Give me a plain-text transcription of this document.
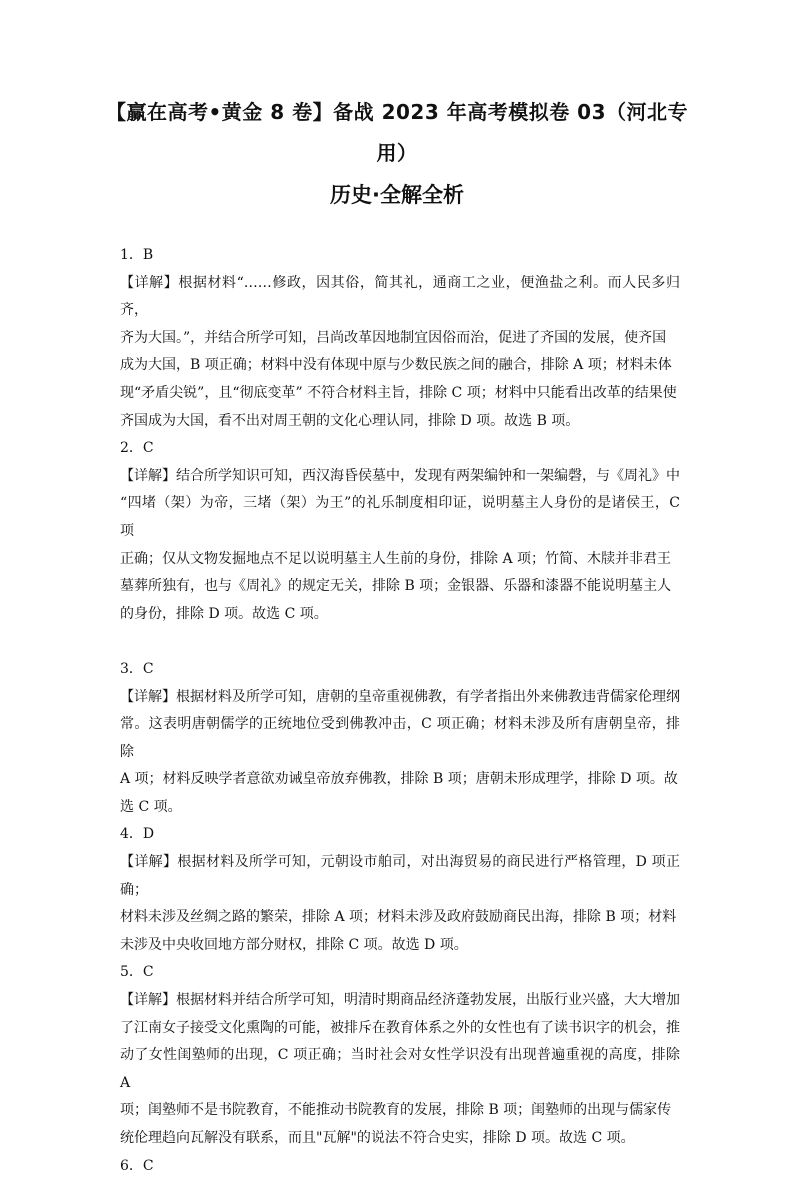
【赢在高考•黄金 8 卷】备战 2023 年高考模拟卷 03（河北专
用）
历史·全解全析

1．B

【详解】根据材料“……修政，因其俗，简其礼，通商工之业，便渔盐之利。而人民多归齐，

齐为大国。”，并结合所学可知，吕尚改革因地制宜因俗而治，促进了齐国的发展，使齐国

成为大国，B 项正确；材料中没有体现中原与少数民族之间的融合，排除 A 项；材料未体

现“矛盾尖锐”，且“彻底变革” 不符合材料主旨，排除 C 项；材料中只能看出改革的结果使

齐国成为大国，看不出对周王朝的文化心理认同，排除 D 项。故选 B 项。

2．C

【详解】结合所学知识可知，西汉海昏侯墓中，发现有两架编钟和一架编磬，与《周礼》中

“四堵（架）为帝，三堵（架）为王”的礼乐制度相印证，说明墓主人身份的是诸侯王，C 项

正确；仅从文物发掘地点不足以说明墓主人生前的身份，排除 A 项；竹简、木牍并非君王

墓葬所独有，也与《周礼》的规定无关，排除 B 项；金银器、乐器和漆器不能说明墓主人

的身份，排除 D 项。故选 C 项。

3．C

【详解】根据材料及所学可知，唐朝的皇帝重视佛教，有学者指出外来佛教违背儒家伦理纲

常。这表明唐朝儒学的正统地位受到佛教冲击，C 项正确；材料未涉及所有唐朝皇帝，排除

A 项；材料反映学者意欲劝诫皇帝放弃佛教，排除 B 项；唐朝未形成理学，排除 D 项。故

选 C 项。

4．D

【详解】根据材料及所学可知，元朝设市舶司，对出海贸易的商民进行严格管理，D 项正确；

材料未涉及丝绸之路的繁荣，排除 A 项；材料未涉及政府鼓励商民出海，排除 B 项；材料

未涉及中央收回地方部分财权，排除 C 项。故选 D 项。

5．C

【详解】根据材料并结合所学可知，明清时期商品经济蓬勃发展，出版行业兴盛，大大增加

了江南女子接受文化熏陶的可能，被排斥在教育体系之外的女性也有了读书识字的机会，推

动了女性闺塾师的出现，C 项正确；当时社会对女性学识没有出现普遍重视的高度，排除 A

项；闺塾师不是书院教育，不能推动书院教育的发展，排除 B 项；闺塾师的出现与儒家传

统伦理趋向瓦解没有联系，而且"瓦解"的说法不符合史实，排除 D 项。故选 C 项。

6．C
